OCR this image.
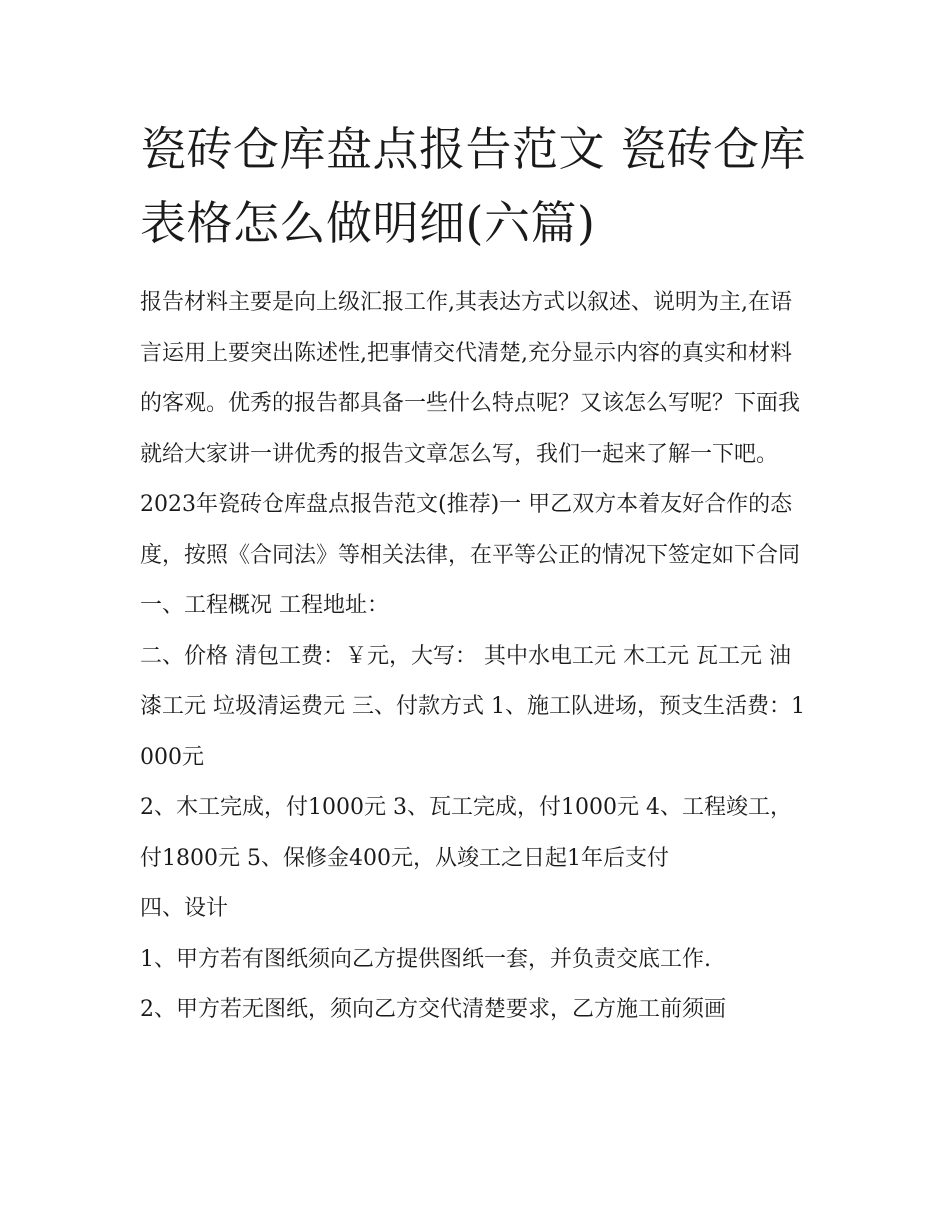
瓷砖仓库盘点报告范文 瓷砖仓库表格怎么做明细(六篇)

报告材料主要是向上级汇报工作,其表达方式以叙述、说明为主,在语言运用上要突出陈述性,把事情交代清楚,充分显示内容的真实和材料的客观。优秀的报告都具备一些什么特点呢？又该怎么写呢？下面我就给大家讲一讲优秀的报告文章怎么写，我们一起来了解一下吧。

2023年瓷砖仓库盘点报告范文(推荐)一 甲乙双方本着友好合作的态度，按照《合同法》等相关法律，在平等公正的情况下签定如下合同 一、工程概况 工程地址：

二、价格 清包工费：￥元，大写： 其中水电工元 木工元 瓦工元 油漆工元 垃圾清运费元 三、付款方式 1、施工队进场，预支生活费：1000元

2、木工完成，付1000元 3、瓦工完成，付1000元 4、工程竣工，付1800元 5、保修金400元，从竣工之日起1年后支付

四、设计

1、甲方若有图纸须向乙方提供图纸一套，并负责交底工作.

2、甲方若无图纸，须向乙方交代清楚要求，乙方施工前须画
